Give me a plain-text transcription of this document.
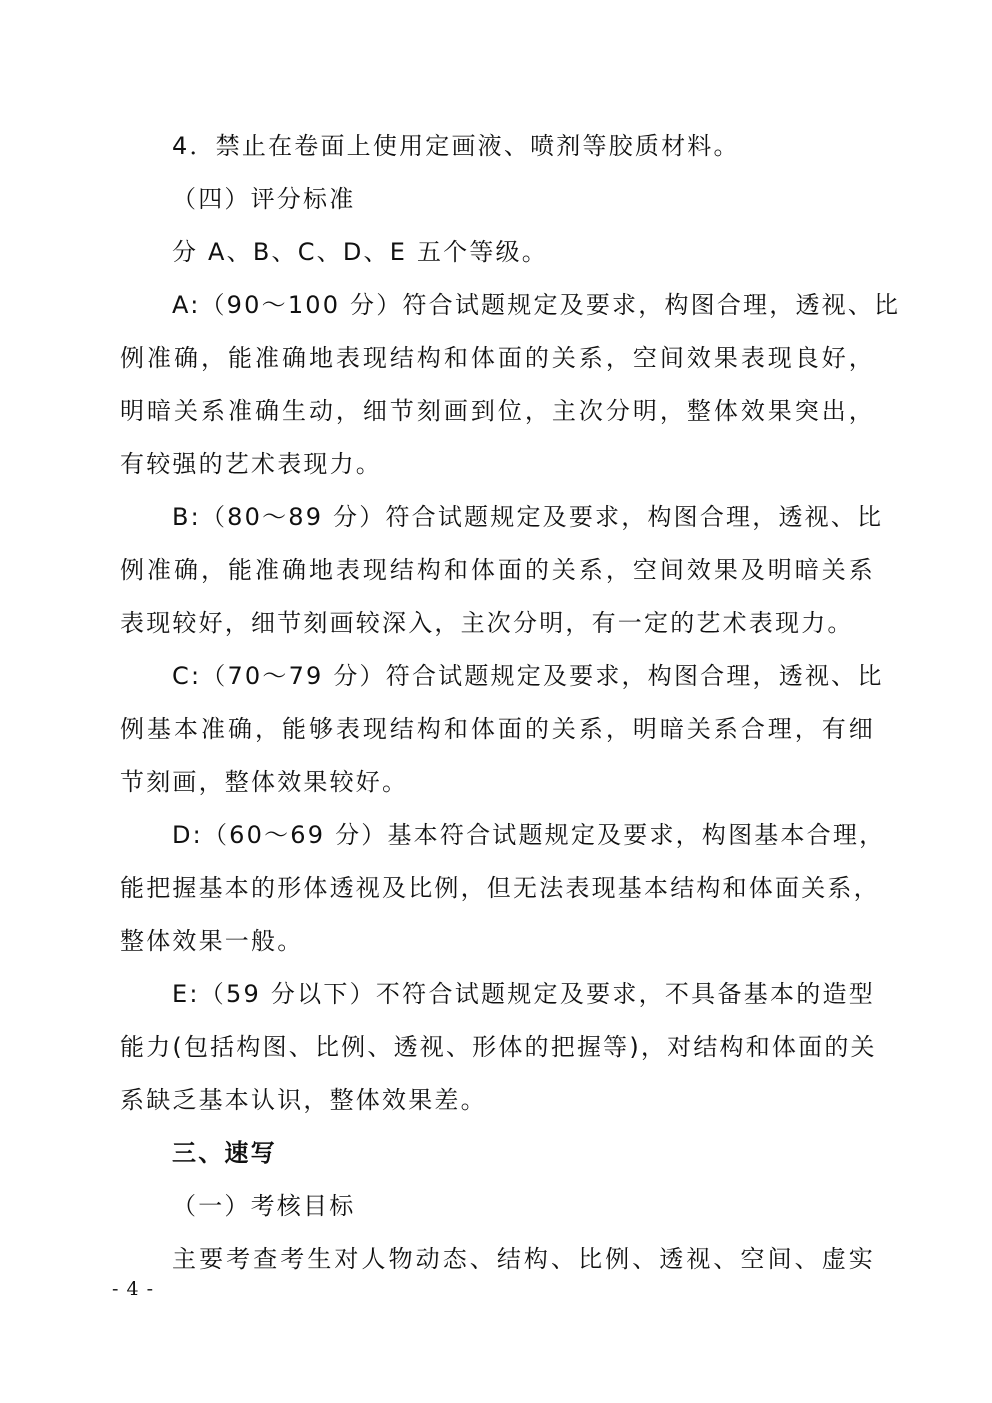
4．禁止在卷面上使用定画液、喷剂等胶质材料。
（四）评分标准
分 A、B、C、D、E 五个等级。
A:（90～100 分）符合试题规定及要求，构图合理，透视、比
例准确，能准确地表现结构和体面的关系，空间效果表现良好，
明暗关系准确生动，细节刻画到位，主次分明，整体效果突出，
有较强的艺术表现力。
B:（80～89 分）符合试题规定及要求，构图合理，透视、比
例准确，能准确地表现结构和体面的关系，空间效果及明暗关系
表现较好，细节刻画较深入，主次分明，有一定的艺术表现力。
C:（70～79 分）符合试题规定及要求，构图合理，透视、比
例基本准确，能够表现结构和体面的关系，明暗关系合理，有细
节刻画，整体效果较好。
D:（60～69 分）基本符合试题规定及要求，构图基本合理，
能把握基本的形体透视及比例，但无法表现基本结构和体面关系，
整体效果一般。
E:（59 分以下）不符合试题规定及要求，不具备基本的造型
能力(包括构图、比例、透视、形体的把握等)，对结构和体面的关
系缺乏基本认识，整体效果差。
三、速写
（一）考核目标
主要考查考生对人物动态、结构、比例、透视、空间、虚实
- 4 -
